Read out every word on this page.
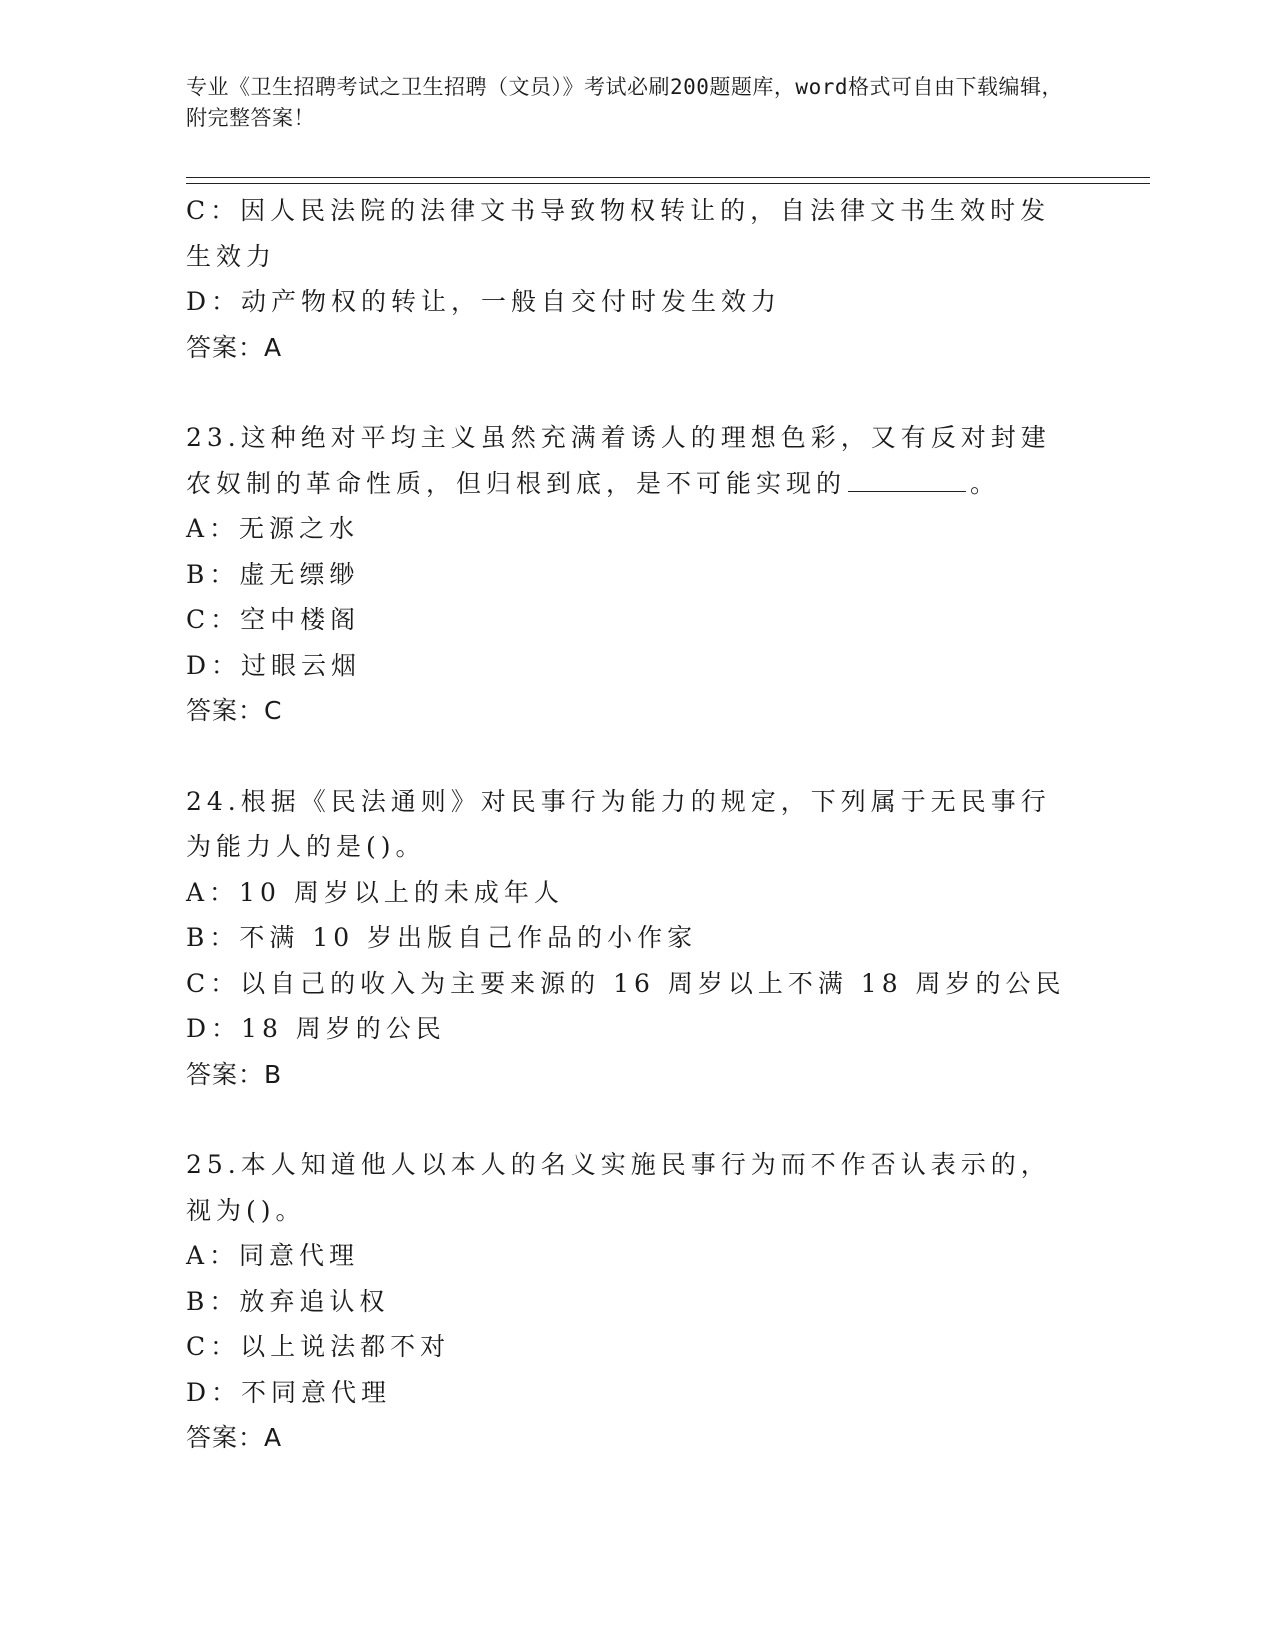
专业《卫生招聘考试之卫生招聘（文员）》考试必刷200题题库，word格式可自由下载编辑，附完整答案！
C：因人民法院的法律文书导致物权转让的，自法律文书生效时发生效力
D：动产物权的转让，一般自交付时发生效力
答案：A
23.这种绝对平均主义虽然充满着诱人的理想色彩，又有反对封建农奴制的革命性质，但归根到底，是不可能实现的	。
A：无源之水
B：虚无缥缈
C：空中楼阁
D：过眼云烟
答案：C
24.根据《民法通则》对民事行为能力的规定，下列属于无民事行为能力人的是()。
A：10 周岁以上的未成年人
B：不满 10 岁出版自己作品的小作家
C：以自己的收入为主要来源的 16 周岁以上不满 18 周岁的公民
D：18 周岁的公民
答案：B
25.本人知道他人以本人的名义实施民事行为而不作否认表示的，视为()。
A：同意代理
B：放弃追认权
C：以上说法都不对
D：不同意代理
答案：A
